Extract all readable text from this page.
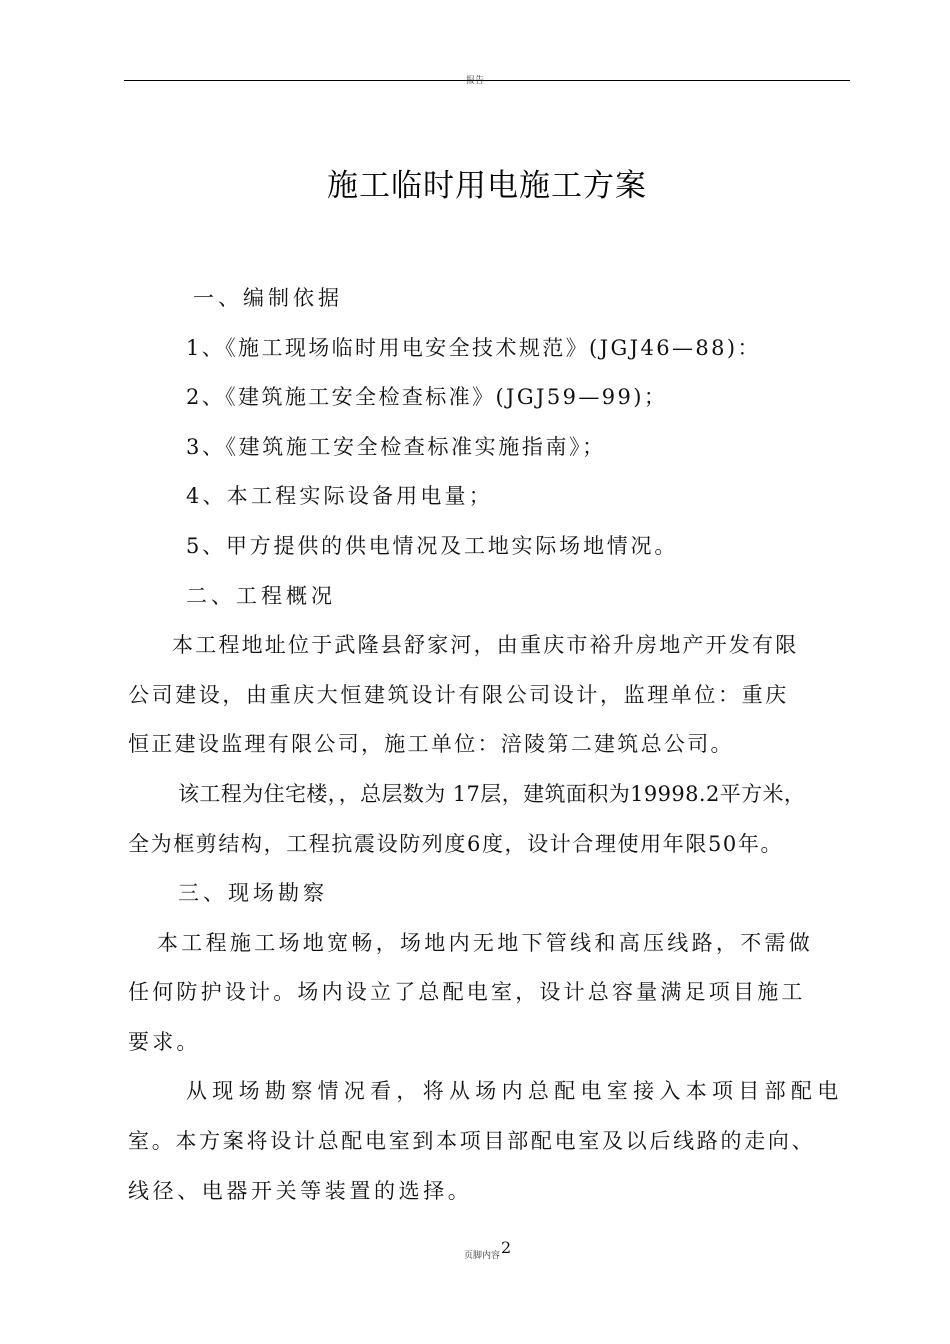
报告
施工临时用电施工方案
一、编制依据
1、《施工现场临时用电安全技术规范》(JGJ46—88)：
2、《建筑施工安全检查标准》(JGJ59—99)；
3、《建筑施工安全检查标准实施指南》；
4、本工程实际设备用电量；
5、甲方提供的供电情况及工地实际场地情况。
二、工程概况
本工程地址位于武隆县舒家河，由重庆市裕升房地产开发有限
公司建设，由重庆大恒建筑设计有限公司设计，监理单位：重庆
恒正建设监理有限公司，施工单位：涪陵第二建筑总公司。
该工程为住宅楼，，总层数为 17层，建筑面积为19998.2平方米，
全为框剪结构，工程抗震设防列度6度，设计合理使用年限50年。
三、现场勘察
本工程施工场地宽畅，场地内无地下管线和高压线路，不需做
任何防护设计。场内设立了总配电室，设计总容量满足项目施工
要求。
从现场勘察情况看，将从场内总配电室接入本项目部配电
室。本方案将设计总配电室到本项目部配电室及以后线路的走向、
线径、电器开关等装置的选择。
页脚内容2
